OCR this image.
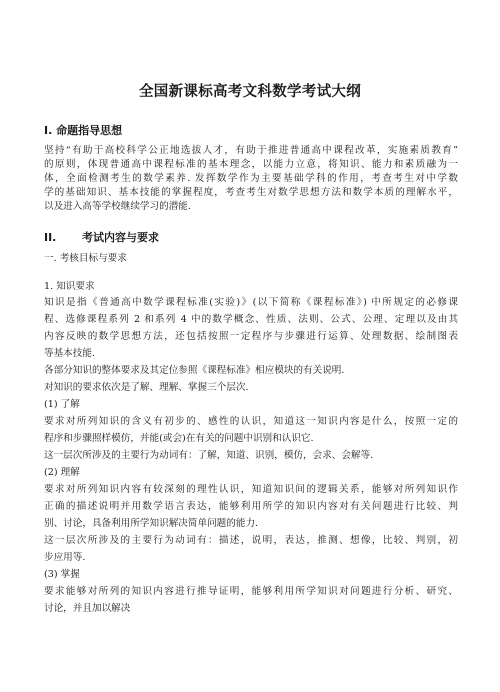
全国新课标高考文科数学考试大纲
I. 命题指导思想
坚持“有助于高校科学公正地选拔人才，有助于推进普通高中课程改革，实施素质教育”
的原则，体现普通高中课程标准的基本理念，以能力立意，将知识、能力和素质融为一
体，全面检测考生的数学素养. 发挥数学作为主要基础学科的作用，考查考生对中学数
学的基础知识、基本技能的掌握程度，考查考生对数学思想方法和数学本质的理解水平，
以及进入高等学校继续学习的潜能.
II. 考试内容与要求
一. 考核目标与要求
1. 知识要求
知识是指《普通高中数学课程标准(实验)》(以下简称《课程标准》) 中所规定的必修课
程、选修课程系列 2 和系列 4 中的数学概念、性质、法则、公式、公理、定理以及由其
内容反映的数学思想方法，还包括按照一定程序与步骤进行运算、处理数据、绘制图表
等基本技能.
各部分知识的整体要求及其定位参照《课程标准》相应模块的有关说明.
对知识的要求依次是了解、理解、掌握三个层次.
(1) 了解
要求对所列知识的含义有初步的、感性的认识，知道这一知识内容是什么，按照一定的
程序和步骤照样模仿，并能(或会)在有关的问题中识别和认识它.
这一层次所涉及的主要行为动词有：了解，知道、识别，模仿，会求、会解等.
(2) 理解
要求对所列知识内容有较深刻的理性认识，知道知识间的逻辑关系，能够对所列知识作
正确的描述说明并用数学语言表达，能够利用所学的知识内容对有关问题进行比较、判
别、讨论，具备利用所学知识解决简单问题的能力.
这一层次所涉及的主要行为动词有：描述，说明，表达，推测、想像，比较、判别，初
步应用等.
(3) 掌握
要求能够对所列的知识内容进行推导证明，能够利用所学知识对问题进行分析、研究、
讨论，并且加以解决
